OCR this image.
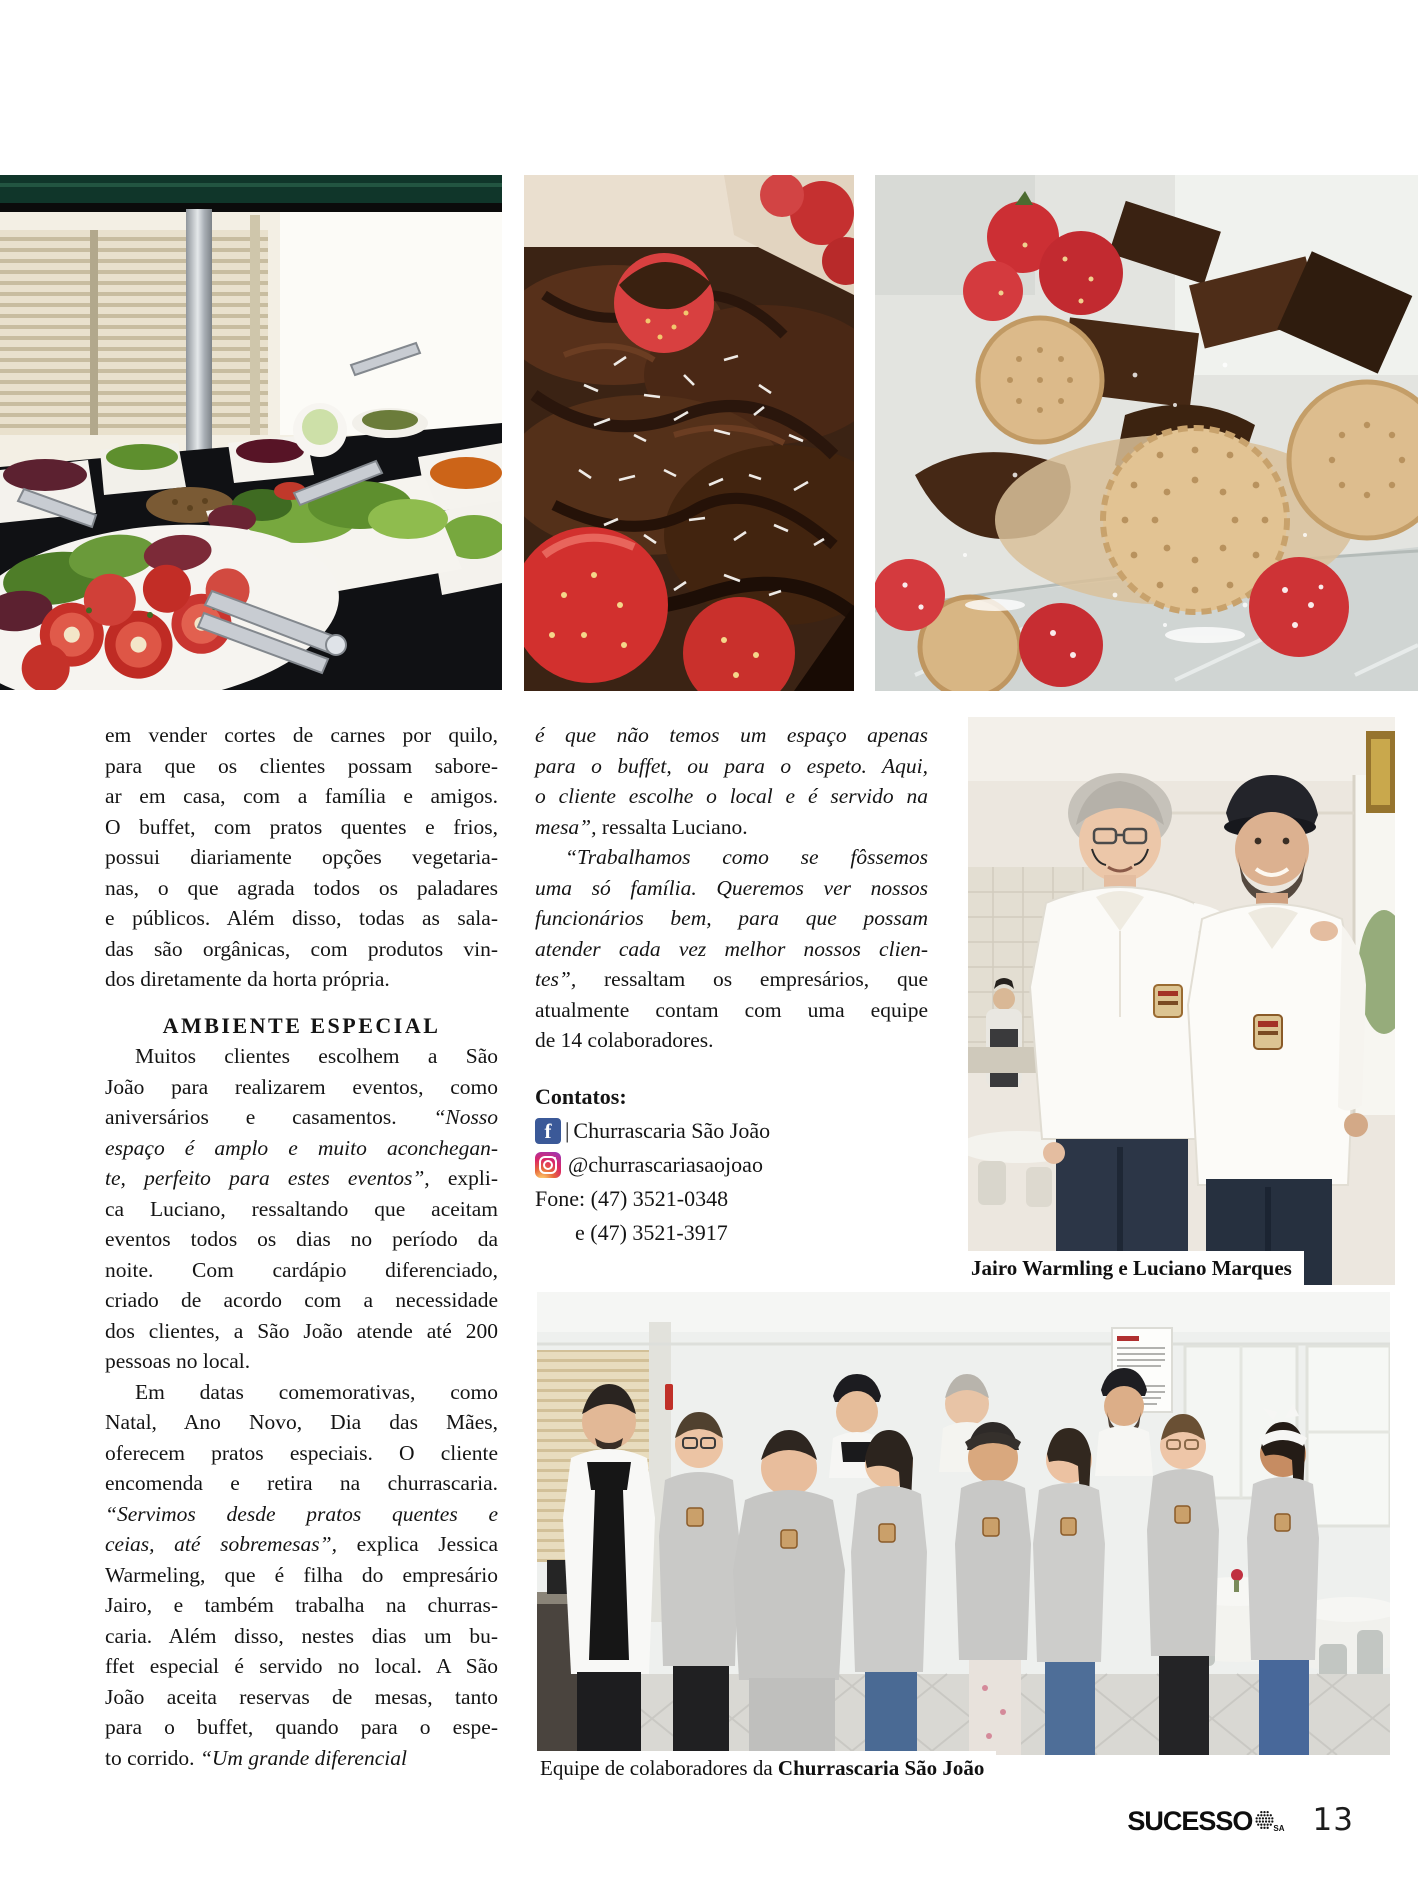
em vender cortes de carnes por quilo,
para que os clientes possam sabore-
ar em casa, com a família e amigos.
O buffet, com pratos quentes e frios,
possui diariamente opções vegetaria-
nas, o que agrada todos os paladares
e públicos. Além disso, todas as sala-
das são orgânicas, com produtos vin-
dos diretamente da horta própria.
AMBIENTE ESPECIAL
Muitos clientes escolhem a São
João para realizarem eventos, como
aniversários e casamentos. “Nosso
espaço é amplo e muito aconchegan-
te, perfeito para estes eventos”, expli-
ca Luciano, ressaltando que aceitam
eventos todos os dias no período da
noite. Com cardápio diferenciado,
criado de acordo com a necessidade
dos clientes, a São João atende até 200
pessoas no local.
Em datas comemorativas, como
Natal, Ano Novo, Dia das Mães,
oferecem pratos especiais. O cliente
encomenda e retira na churrascaria.
“Servimos desde pratos quentes e
ceias, até sobremesas”, explica Jessica
Warmeling, que é filha do empresário
Jairo, e também trabalha na churras-
caria. Além disso, nestes dias um bu-
ffet especial é servido no local. A São
João aceita reservas de mesas, tanto
para o buffet, quando para o espe-
to corrido. “Um grande diferencial
é que não temos um espaço apenas
para o buffet, ou para o espeto. Aqui,
o cliente escolhe o local e é servido na
mesa”, ressalta Luciano.
“Trabalhamos como se fôssemos
uma só família. Queremos ver nossos
funcionários bem, para que possam
atender cada vez melhor nossos clien-
tes”, ressaltam os empresários, que
atualmente contam com uma equipe
de 14 colaboradores.
Contatos:
f | Churrascaria São João
@churrascariasaojoao
Fone: (47) 3521-0348
e (47) 3521-3917
Jairo Warmling e Luciano Marques
Equipe de colaboradores da Churrascaria São João
SUCESSO	SA 13
